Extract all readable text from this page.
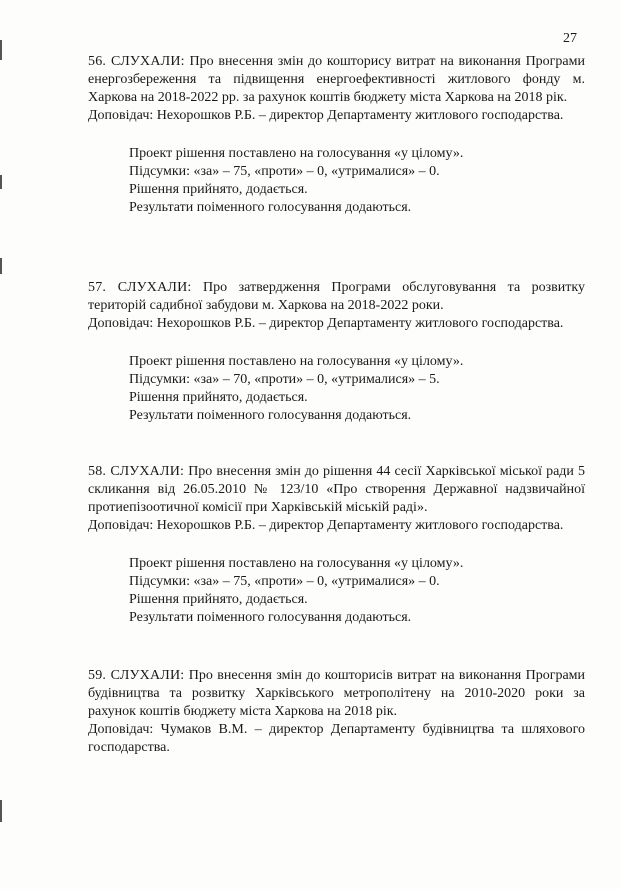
27

56. СЛУХАЛИ: Про внесення змін до кошторису витрат на виконання Програми енергозбереження та підвищення енергоефективності житлового фонду м. Харкова на 2018-2022 рр. за рахунок коштів бюджету міста Харкова на 2018 рік.

Доповідач: Нехорошков Р.Б. – директор Департаменту житлового господарства.

Проект рішення поставлено на голосування «у цілому».

Підсумки: «за» – 75, «проти» – 0, «утрималися» – 0.

Рішення прийнято, додається.

Результати поіменного голосування додаються.

57. СЛУХАЛИ: Про затвердження Програми обслуговування та розвитку територій садибної забудови м. Харкова на 2018-2022 роки.

Доповідач: Нехорошков Р.Б. – директор Департаменту житлового господарства.

Проект рішення поставлено на голосування «у цілому».

Підсумки: «за» – 70, «проти» – 0, «утрималися» – 5.

Рішення прийнято, додається.

Результати поіменного голосування додаються.

58. СЛУХАЛИ: Про внесення змін до рішення 44 сесії Харківської міської ради 5 скликання від 26.05.2010 № 123/10 «Про створення Державної надзвичайної протиепізоотичної комісії при Харківській міській раді».

Доповідач: Нехорошков Р.Б. – директор Департаменту житлового господарства.

Проект рішення поставлено на голосування «у цілому».

Підсумки: «за» – 75, «проти» – 0, «утрималися» – 0.

Рішення прийнято, додається.

Результати поіменного голосування додаються.

59. СЛУХАЛИ: Про внесення змін до кошторисів витрат на виконання Програми будівництва та розвитку Харківського метрополітену на 2010-2020 роки за рахунок коштів бюджету міста Харкова на 2018 рік.

Доповідач: Чумаков В.М. – директор Департаменту будівництва та шляхового господарства.
